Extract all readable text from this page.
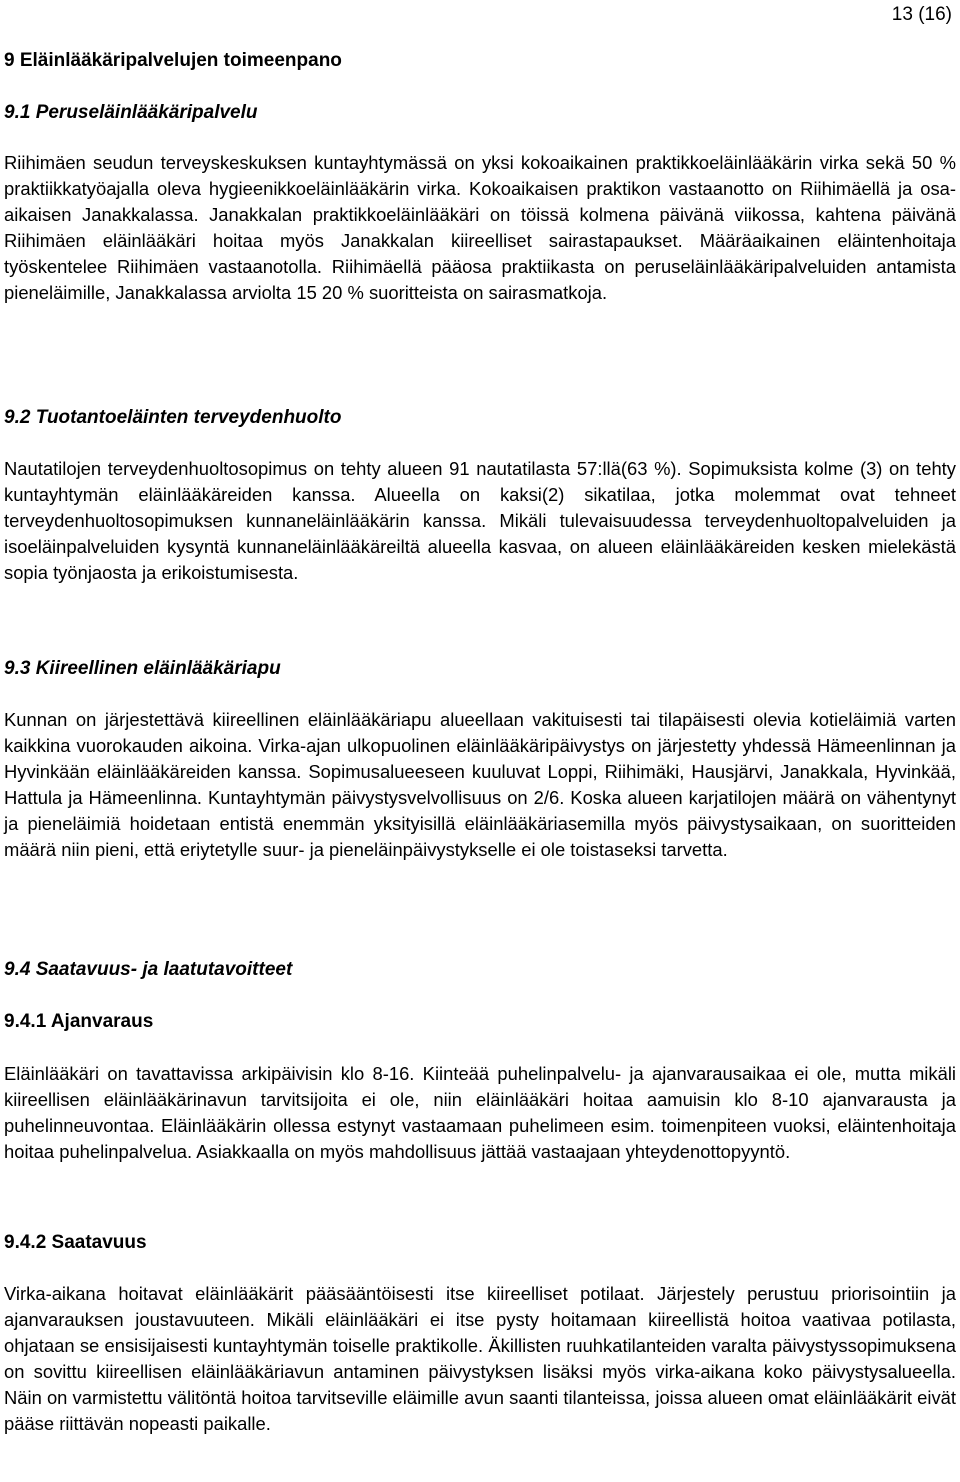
13 (16)
9 Eläinlääkäripalvelujen toimeenpano
9.1 Peruseläinlääkäripalvelu

Riihimäen seudun terveyskeskuksen kuntayhtymässä on yksi kokoaikainen praktikkoeläinlääkärin virka sekä 50 % praktiikkatyöajalla oleva hygieenikkoeläinlääkärin virka. Kokoaikaisen praktikon vastaanotto on Riihimäellä ja osa-aikaisen Janakkalassa. Janakkalan praktikkoeläinlääkäri on töissä kolmena päivänä viikossa, kahtena päivänä Riihimäen eläinlääkäri hoitaa myös Janakkalan kiireelliset sairastapaukset. Määräaikainen eläintenhoitaja työskentelee Riihimäen vastaanotolla. Riihimäellä pääosa praktiikasta on peruseläinlääkäripalveluiden antamista pieneläimille, Janakkalassa arviolta 15 20 % suoritteista on sairasmatkoja.

9.2 Tuotantoeläinten terveydenhuolto

Nautatilojen terveydenhuoltosopimus on tehty alueen 91 nautatilasta 57:llä(63 %). Sopimuksista kolme (3) on tehty kuntayhtymän eläinlääkäreiden kanssa. Alueella on kaksi(2) sikatilaa, jotka molemmat ovat tehneet terveydenhuoltosopimuksen kunnaneläinlääkärin kanssa. Mikäli tulevaisuudessa terveydenhuoltopalveluiden ja isoeläinpalveluiden kysyntä kunnaneläinlääkäreiltä alueella kasvaa, on alueen eläinlääkäreiden kesken mielekästä sopia työnjaosta ja erikoistumisesta.

9.3 Kiireellinen eläinlääkäriapu

Kunnan on järjestettävä kiireellinen eläinlääkäriapu alueellaan vakituisesti tai tilapäisesti olevia kotieläimiä varten kaikkina vuorokauden aikoina. Virka-ajan ulkopuolinen eläinlääkäripäivystys on järjestetty yhdessä Hämeenlinnan ja Hyvinkään eläinlääkäreiden kanssa. Sopimusalueeseen kuuluvat Loppi, Riihimäki, Hausjärvi, Janakkala, Hyvinkää, Hattula ja Hämeenlinna. Kuntayhtymän päivystysvelvollisuus on 2/6. Koska alueen karjatilojen määrä on vähentynyt ja pieneläimiä hoidetaan entistä enemmän yksityisillä eläinlääkäriasemilla myös päivystysaikaan, on suoritteiden määrä niin pieni, että eriytetylle suur- ja pieneläinpäivystykselle ei ole toistaseksi tarvetta.

9.4 Saatavuus- ja laatutavoitteet
9.4.1 Ajanvaraus

Eläinlääkäri on tavattavissa arkipäivisin klo 8-16. Kiinteää puhelinpalvelu- ja ajanvarausaikaa ei ole, mutta mikäli kiireellisen eläinlääkärinavun tarvitsijoita ei ole, niin eläinlääkäri hoitaa aamuisin klo 8-10 ajanvarausta ja puhelinneuvontaa. Eläinlääkärin ollessa estynyt vastaamaan puhelimeen esim. toimenpiteen vuoksi, eläintenhoitaja hoitaa puhelinpalvelua. Asiakkaalla on myös mahdollisuus jättää vastaajaan yhteydenottopyyntö.

9.4.2 Saatavuus

Virka-aikana hoitavat eläinlääkärit pääsääntöisesti itse kiireelliset potilaat. Järjestely perustuu priorisointiin ja ajanvarauksen joustavuuteen. Mikäli eläinlääkäri ei itse pysty hoitamaan kiireellistä hoitoa vaativaa potilasta, ohjataan se ensisijaisesti kuntayhtymän toiselle praktikolle. Äkillisten ruuhkatilanteiden varalta päivystyssopimuksena on sovittu kiireellisen eläinlääkäriavun antaminen päivystyksen lisäksi myös virka-aikana koko päivystysalueella. Näin on varmistettu välitöntä hoitoa tarvitseville eläimille avun saanti tilanteissa, joissa alueen omat eläinlääkärit eivät pääse riittävän nopeasti paikalle.
